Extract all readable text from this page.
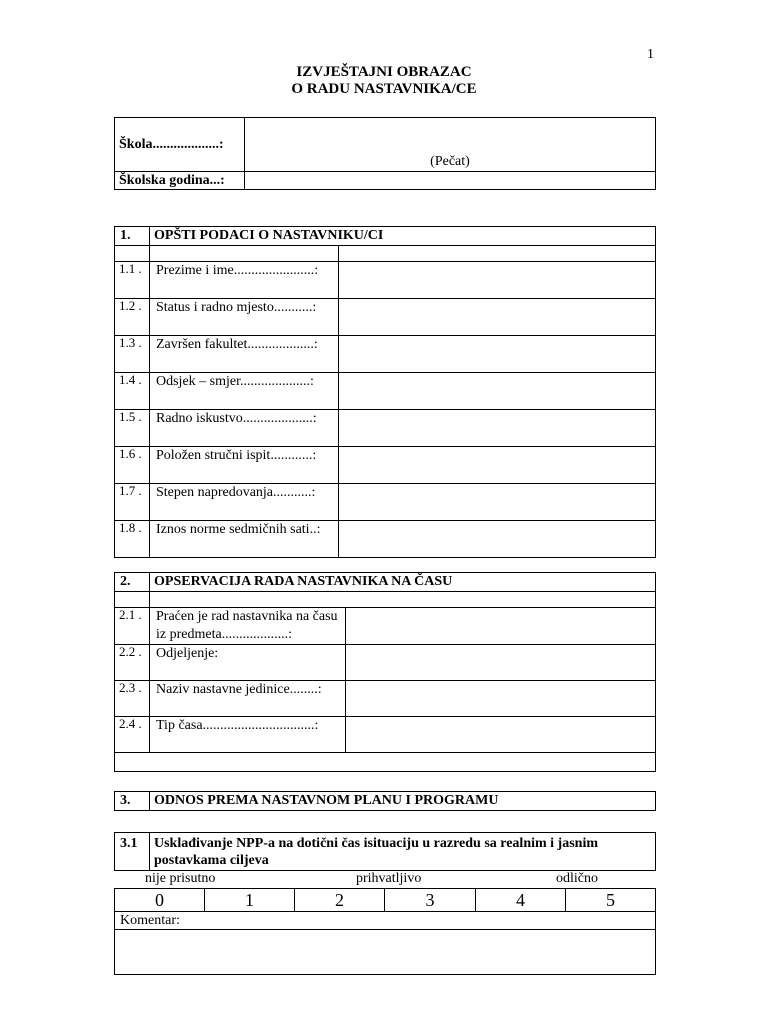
1
IZVJEŠTAJNI OBRAZAC
O RADU NASTAVNIKA/CE
Škola...................:	(Pečat)
Školska godina...:	
1.	OPŠTI PODACI O NASTAVNIKU/CI	

1.1 .	Prezime i ime.......................:	
1.2 .	Status i radno mjesto...........:	
1.3 .	Završen fakultet...................:	
1.4 .	Odsjek – smjer....................:	
1.5 .	Radno iskustvo....................:	
1.6 .	Položen stručni ispit............:	
1.7 .	Stepen napredovanja...........:	
1.8 .	Iznos norme sedmičnih sati..:	
2.	OPSERVACIJA RADA NASTAVNIKA NA ČASU	

2.1 .	Praćen je rad nastavnika na času iz predmeta...................:	
2.2 .	Odjeljenje:	
2.3 .	Naziv nastavne jedinice........:	
2.4 .	Tip časa................................:	

3.	ODNOS PREMA NASTAVNOM PLANU I PROGRAMU
3.1	Usklađivanje NPP-a na dotični čas isituaciju u razredu sa realnim i jasnim postavkama ciljeva
nije prisutno	prihvatljivo	odlično
0	1	2	3	4	5
Komentar:
